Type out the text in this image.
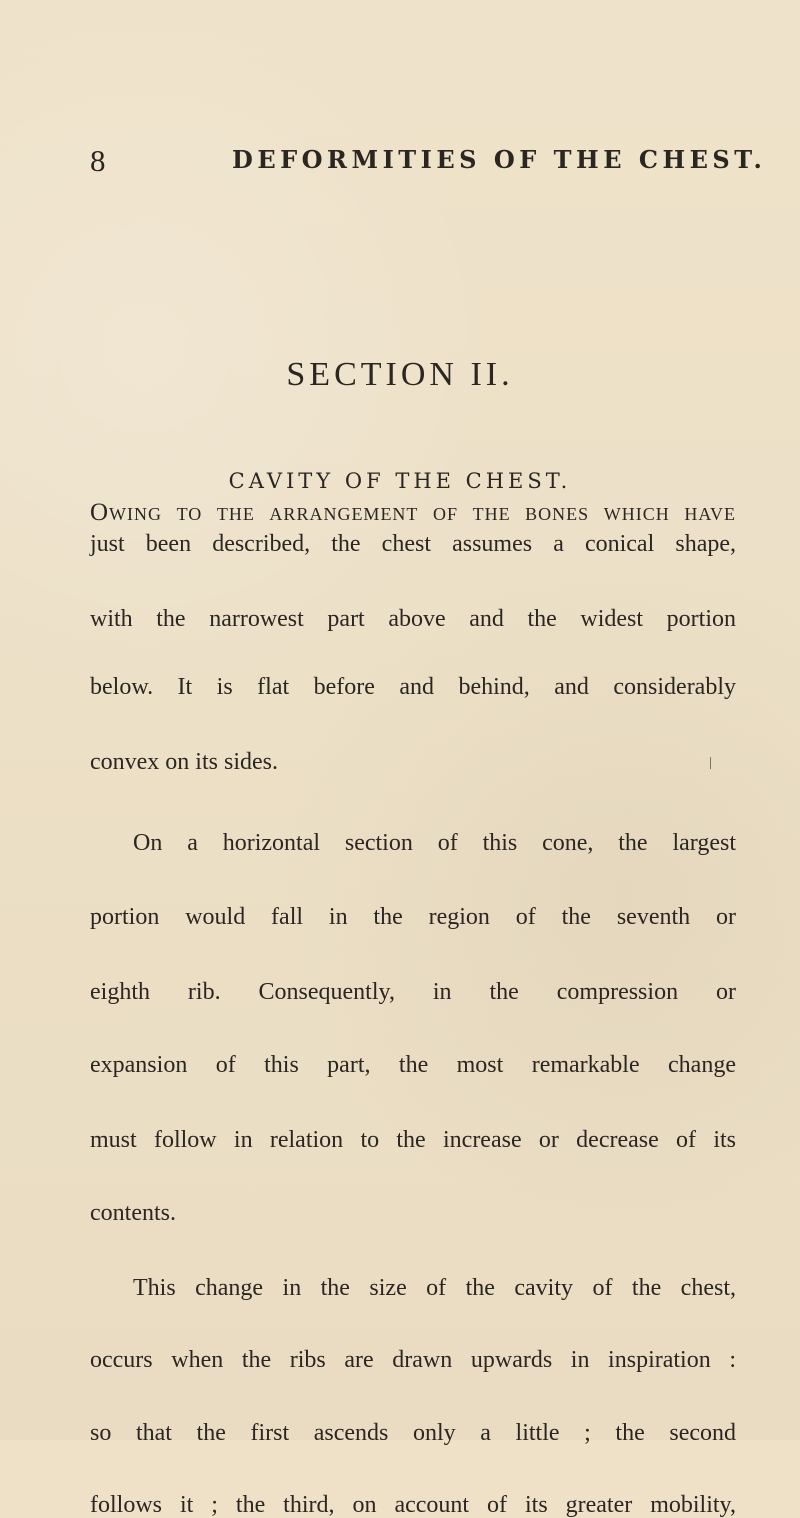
8	DEFORMITIES OF THE CHEST.
SECTION II.
CAVITY OF THE CHEST.
Owing to the arrangement of the bones which have
just been described, the chest assumes a conical shape,
with the narrowest part above and the widest portion
below. It is flat before and behind, and considerably
convex on its sides.
On a horizontal section of this cone, the largest
portion would fall in the region of the seventh or
eighth rib. Consequently, in the compression or
expansion of this part, the most remarkable change
must follow in relation to the increase or decrease of its
contents.
This change in the size of the cavity of the chest,
occurs when the ribs are drawn upwards in inspiration :
so that the first ascends only a little ; the second
follows it ; the third, on account of its greater mobility,
